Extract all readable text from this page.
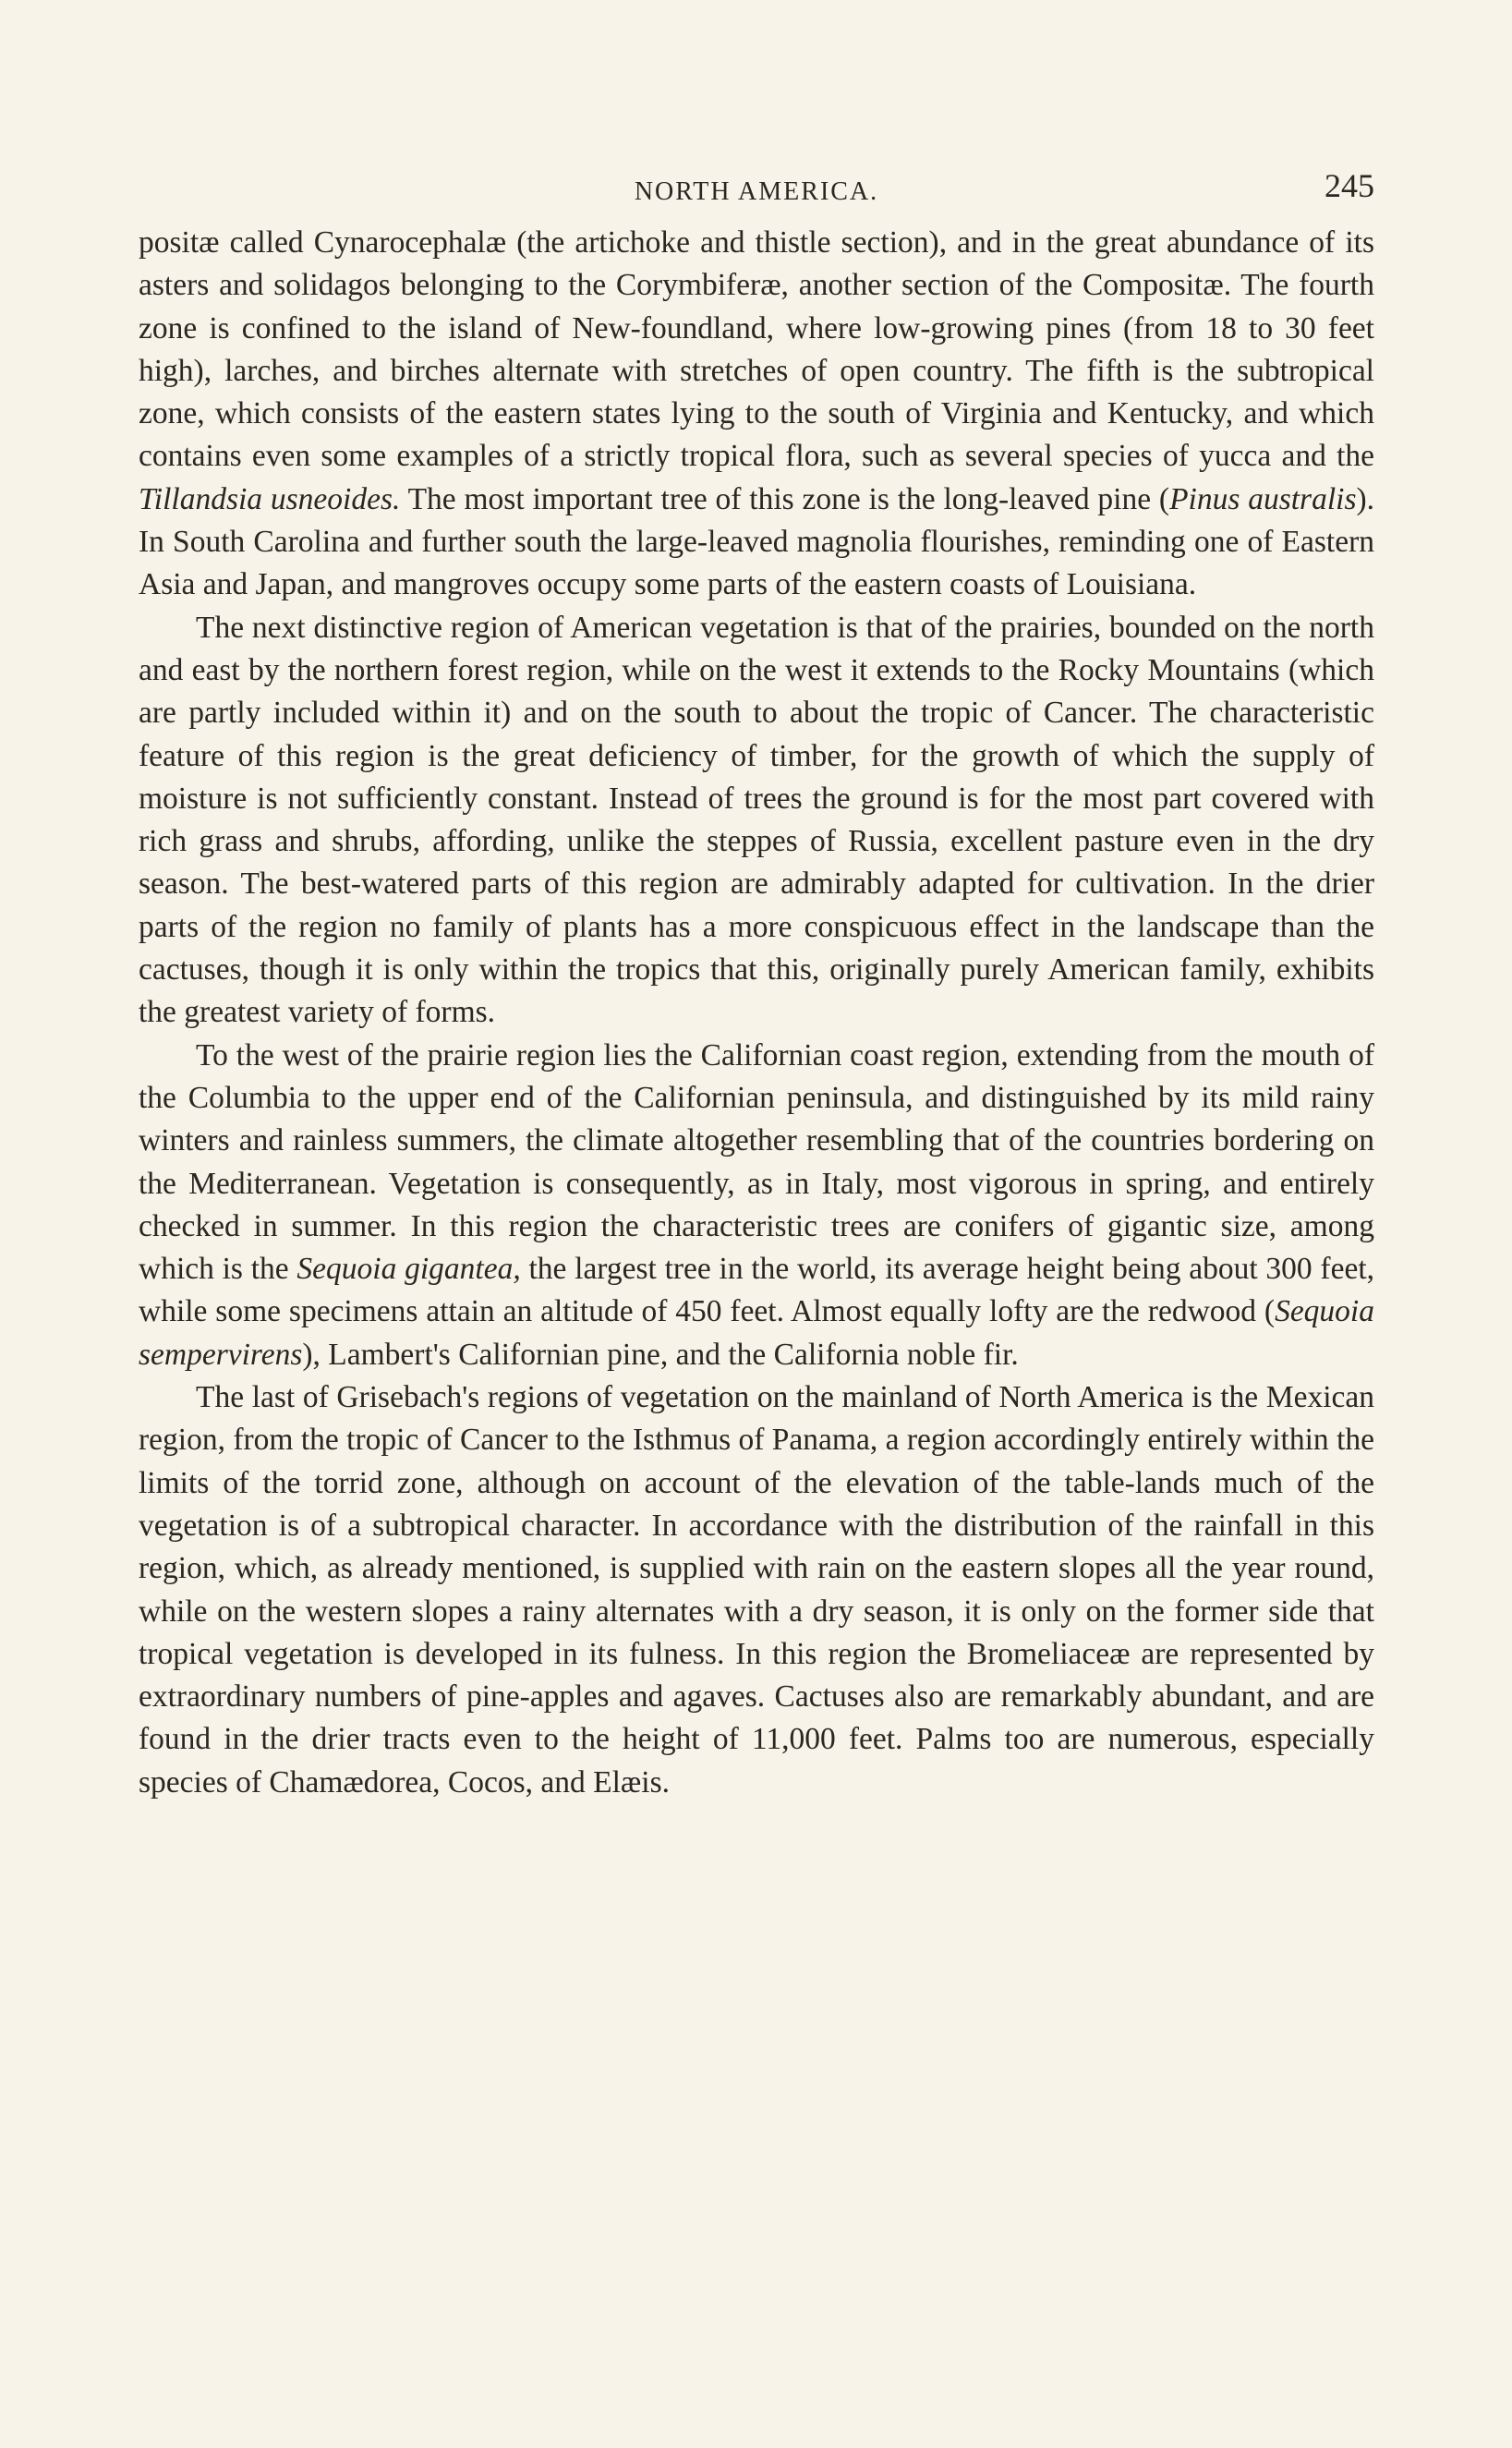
NORTH AMERICA.	245

positæ called Cynarocephalæ (the artichoke and thistle section), and in the great abundance of its asters and solidagos belonging to the Corymbiferæ, another section of the Compositæ. The fourth zone is confined to the island of New-foundland, where low-growing pines (from 18 to 30 feet high), larches, and birches alternate with stretches of open country. The fifth is the subtropical zone, which consists of the eastern states lying to the south of Virginia and Kentucky, and which contains even some examples of a strictly tropical flora, such as several species of yucca and the Tillandsia usneoides. The most important tree of this zone is the long-leaved pine (Pinus australis). In South Carolina and further south the large-leaved magnolia flourishes, reminding one of Eastern Asia and Japan, and mangroves occupy some parts of the eastern coasts of Louisiana.

The next distinctive region of American vegetation is that of the prairies, bounded on the north and east by the northern forest region, while on the west it extends to the Rocky Mountains (which are partly included within it) and on the south to about the tropic of Cancer. The characteristic feature of this region is the great deficiency of timber, for the growth of which the supply of moisture is not sufficiently constant. Instead of trees the ground is for the most part covered with rich grass and shrubs, affording, unlike the steppes of Russia, excellent pasture even in the dry season. The best-watered parts of this region are admirably adapted for cultivation. In the drier parts of the region no family of plants has a more conspicuous effect in the landscape than the cactuses, though it is only within the tropics that this, originally purely American family, exhibits the greatest variety of forms.

To the west of the prairie region lies the Californian coast region, extending from the mouth of the Columbia to the upper end of the Californian peninsula, and distinguished by its mild rainy winters and rainless summers, the climate altogether resembling that of the countries bordering on the Mediterranean. Vegetation is consequently, as in Italy, most vigorous in spring, and entirely checked in summer. In this region the characteristic trees are conifers of gigantic size, among which is the Sequoia gigantea, the largest tree in the world, its average height being about 300 feet, while some specimens attain an altitude of 450 feet. Almost equally lofty are the redwood (Sequoia sempervirens), Lambert's Californian pine, and the California noble fir.

The last of Grisebach's regions of vegetation on the mainland of North America is the Mexican region, from the tropic of Cancer to the Isthmus of Panama, a region accordingly entirely within the limits of the torrid zone, although on account of the elevation of the table-lands much of the vegetation is of a subtropical character. In accordance with the distribution of the rainfall in this region, which, as already mentioned, is supplied with rain on the eastern slopes all the year round, while on the western slopes a rainy alternates with a dry season, it is only on the former side that tropical vegetation is developed in its fulness. In this region the Bromeliaceæ are represented by extraordinary numbers of pine-apples and agaves. Cactuses also are remarkably abundant, and are found in the drier tracts even to the height of 11,000 feet. Palms too are numerous, especially species of Chamædorea, Cocos, and Elæis.
